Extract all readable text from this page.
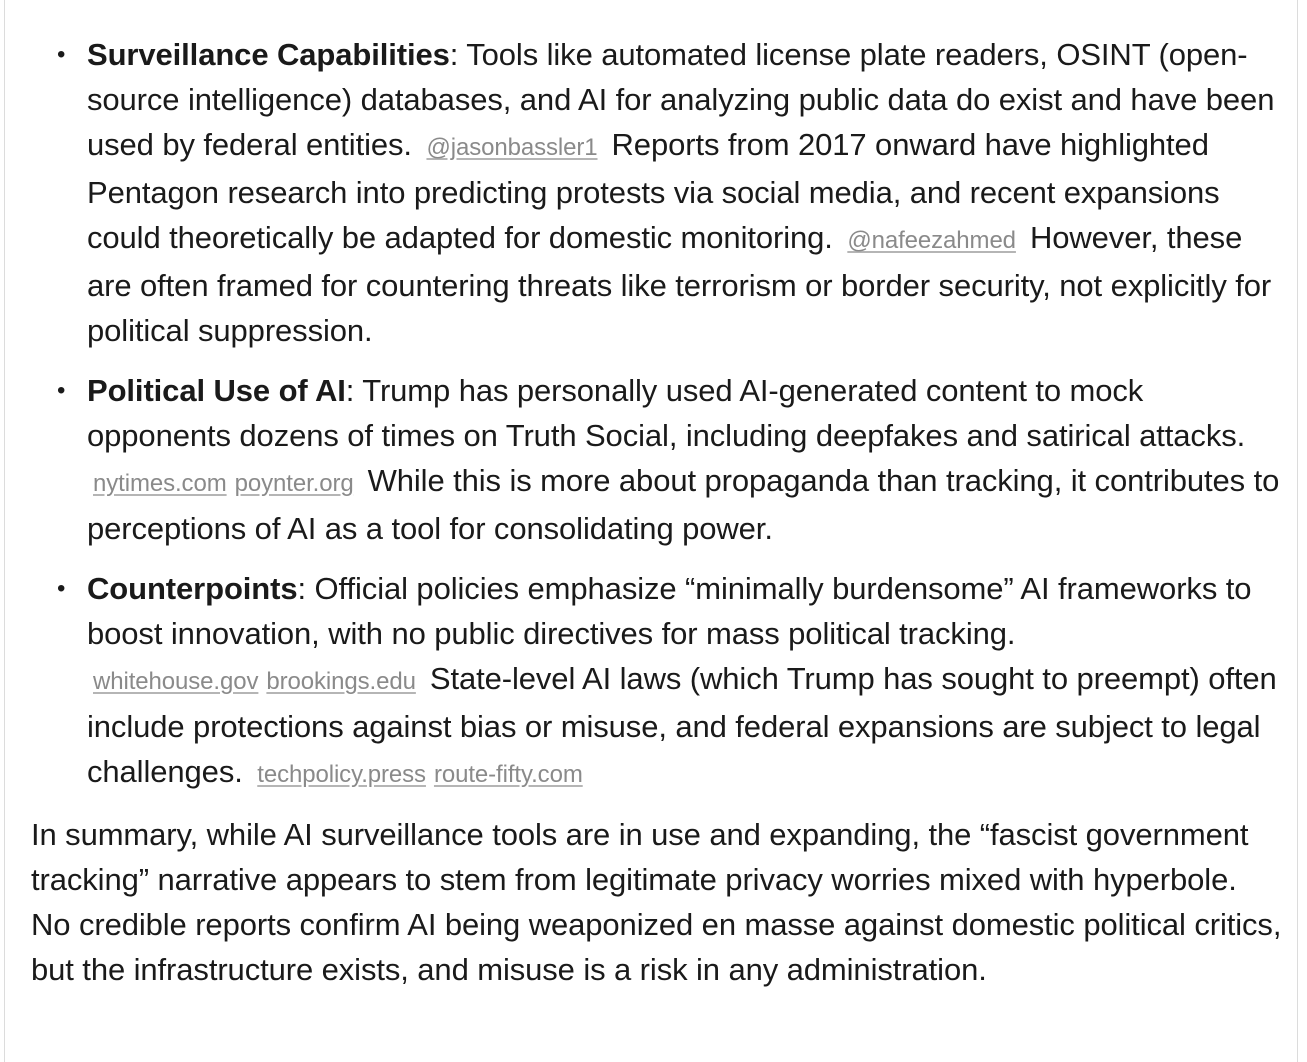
• Surveillance Capabilities: Tools like automated license plate readers, OSINT (open-source intelligence) databases, and AI for analyzing public data do exist and have been used by federal entities. @jasonbassler1 Reports from 2017 onward have highlighted Pentagon research into predicting protests via social media, and recent expansions could theoretically be adapted for domestic monitoring. @nafeezahmed However, these are often framed for countering threats like terrorism or border security, not explicitly for political suppression.
• Political Use of AI: Trump has personally used AI-generated content to mock opponents dozens of times on Truth Social, including deepfakes and satirical attacks. nytimes.com poynter.org While this is more about propaganda than tracking, it contributes to perceptions of AI as a tool for consolidating power.
• Counterpoints: Official policies emphasize “minimally burdensome” AI frameworks to boost innovation, with no public directives for mass political tracking. whitehouse.gov brookings.edu State-level AI laws (which Trump has sought to preempt) often include protections against bias or misuse, and federal expansions are subject to legal challenges. techpolicy.press route-fifty.com

In summary, while AI surveillance tools are in use and expanding, the “fascist government tracking” narrative appears to stem from legitimate privacy worries mixed with hyperbole. No credible reports confirm AI being weaponized en masse against domestic political critics, but the infrastructure exists, and misuse is a risk in any administration.
